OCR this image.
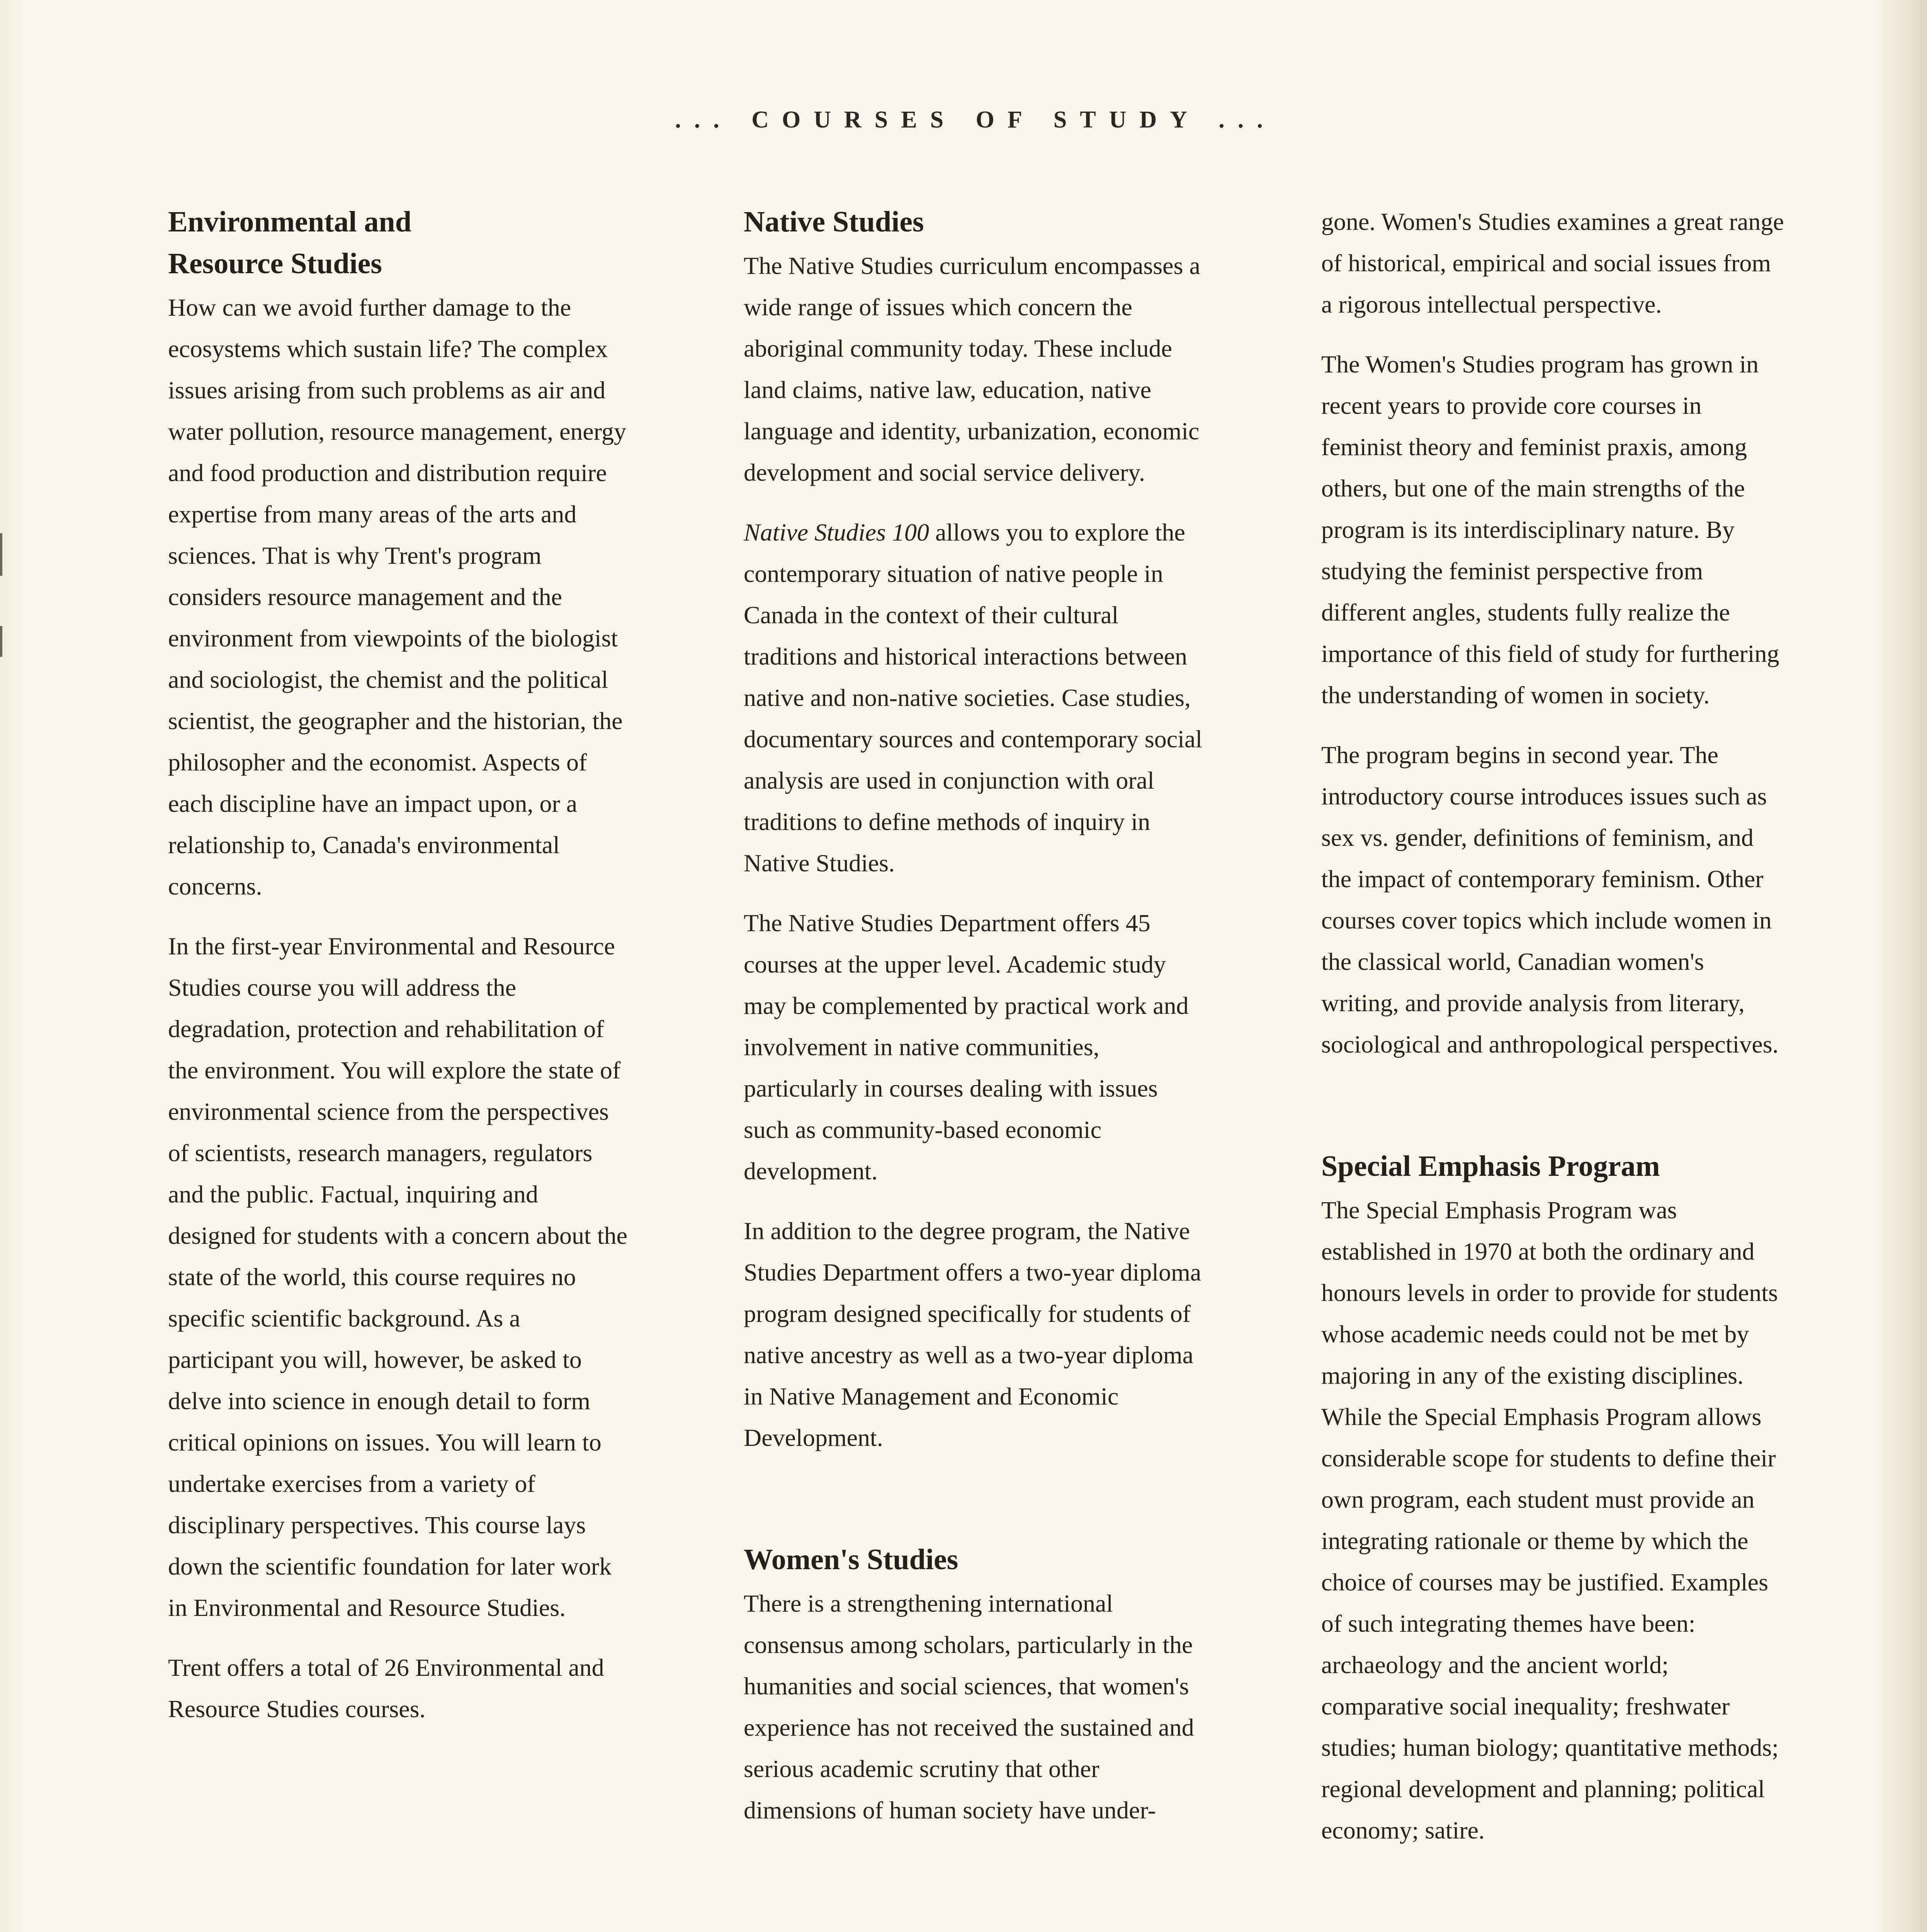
... COURSES OF STUDY ...
Environmental and Resource Studies

How can we avoid further damage to the ecosystems which sustain life? The complex issues arising from such problems as air and water pollution, resource management, energy and food production and distribution require expertise from many areas of the arts and sciences. That is why Trent's program considers resource management and the environment from viewpoints of the biologist and sociologist, the chemist and the political scientist, the geographer and the historian, the philosopher and the economist. Aspects of each discipline have an impact upon, or a relationship to, Canada's environmental concerns.

In the first-year Environmental and Resource Studies course you will address the degradation, protection and rehabilitation of the environment. You will explore the state of environmental science from the perspectives of scientists, research managers, regulators and the public. Factual, inquiring and designed for students with a concern about the state of the world, this course requires no specific scientific background. As a participant you will, however, be asked to delve into science in enough detail to form critical opinions on issues. You will learn to undertake exercises from a variety of disciplinary perspectives. This course lays down the scientific foundation for later work in Environmental and Resource Studies.

Trent offers a total of 26 Environmental and Resource Studies courses.

Native Studies

The Native Studies curriculum encompasses a wide range of issues which concern the aboriginal community today. These include land claims, native law, education, native language and identity, urbanization, economic development and social service delivery.

Native Studies 100 allows you to explore the contemporary situation of native people in Canada in the context of their cultural traditions and historical interactions between native and non-native societies. Case studies, documentary sources and contemporary social analysis are used in conjunction with oral traditions to define methods of inquiry in Native Studies.

The Native Studies Department offers 45 courses at the upper level. Academic study may be complemented by practical work and involvement in native communities, particularly in courses dealing with issues such as community-based economic development.

In addition to the degree program, the Native Studies Department offers a two-year diploma program designed specifically for students of native ancestry as well as a two-year diploma in Native Management and Economic Development.

Women's Studies

There is a strengthening international consensus among scholars, particularly in the humanities and social sciences, that women's experience has not received the sustained and serious academic scrutiny that other dimensions of human society have under-

gone. Women's Studies examines a great range of historical, empirical and social issues from a rigorous intellectual perspective.

The Women's Studies program has grown in recent years to provide core courses in feminist theory and feminist praxis, among others, but one of the main strengths of the program is its interdisciplinary nature. By studying the feminist perspective from different angles, students fully realize the importance of this field of study for furthering the understanding of women in society.

The program begins in second year. The introductory course introduces issues such as sex vs. gender, definitions of feminism, and the impact of contemporary feminism. Other courses cover topics which include women in the classical world, Canadian women's writing, and provide analysis from literary, sociological and anthropological perspectives.

Special Emphasis Program

The Special Emphasis Program was established in 1970 at both the ordinary and honours levels in order to provide for students whose academic needs could not be met by majoring in any of the existing disciplines. While the Special Emphasis Program allows considerable scope for students to define their own program, each student must provide an integrating rationale or theme by which the choice of courses may be justified. Examples of such integrating themes have been: archaeology and the ancient world; comparative social inequality; freshwater studies; human biology; quantitative methods; regional development and planning; political economy; satire.
